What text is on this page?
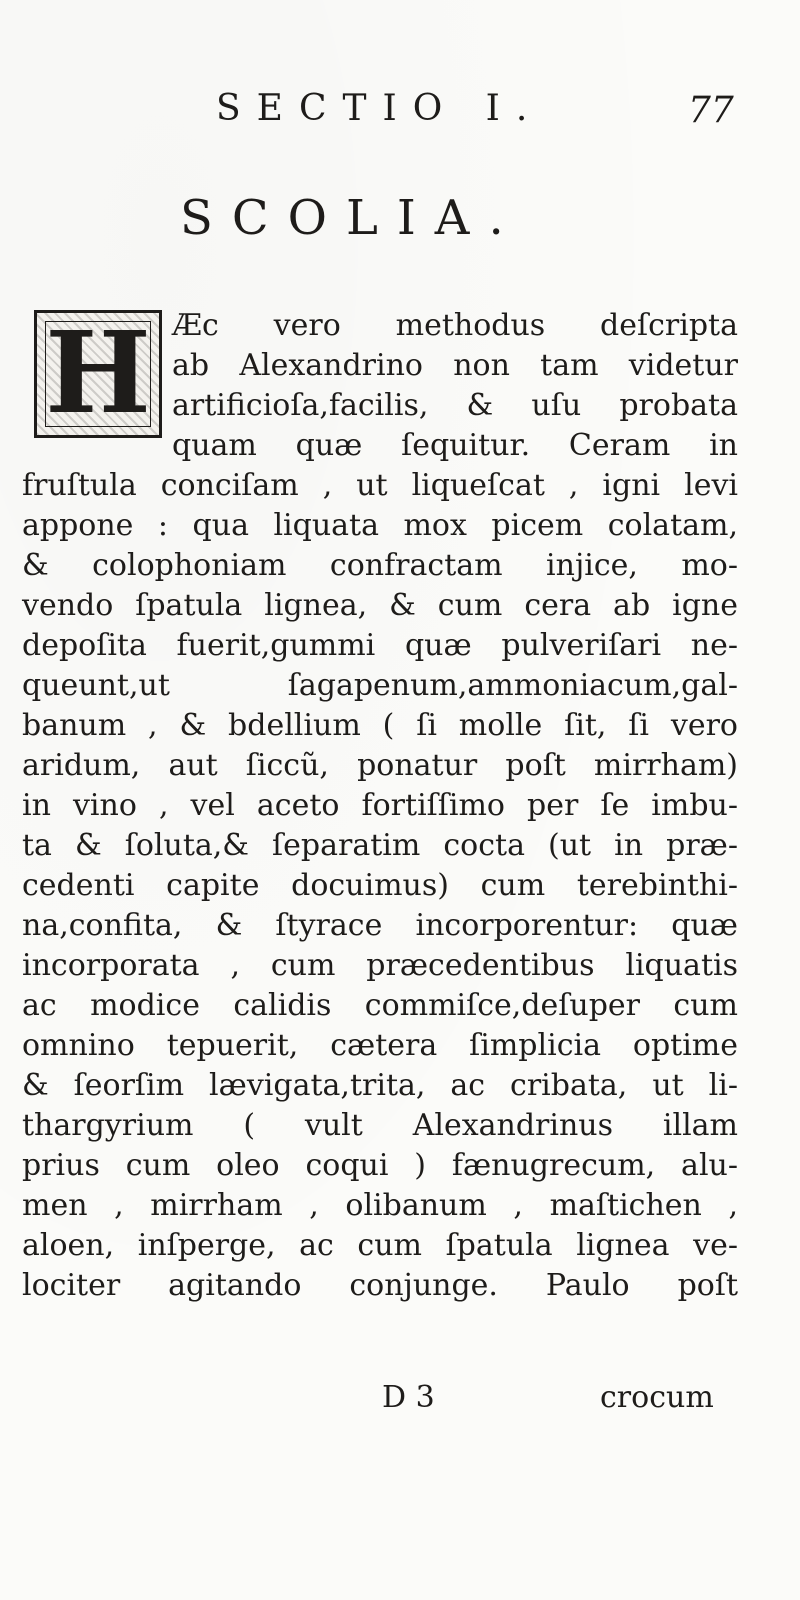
SECTIO I.	77
SCOLIA.
H Æc vero methodus deſcripta
ab Alexandrino non tam videtur
artificioſa,facilis, & uſu probata
quam quæ ſequitur. Ceram in
fruſtula conciſam , ut liqueſcat , igni levi
appone : qua liquata mox picem colatam,
& colophoniam confractam injice, mo-
vendo ſpatula lignea, & cum cera ab igne
depoſita fuerit,gummi quæ pulveriſari ne-
queunt,ut ſagapenum,ammoniacum,gal-
banum , & bdellium ( ſi molle ſit, ſi vero
aridum, aut ſiccũ, ponatur poſt mirrham)
in vino , vel aceto fortiſſimo per ſe imbu-
ta & ſoluta,& ſeparatim cocta (ut in præ-
cedenti capite docuimus) cum terebinthi-
na,confita, & ſtyrace incorporentur: quæ
incorporata , cum præcedentibus liquatis
ac modice calidis commiſce,deſuper cum
omnino tepuerit, cætera ſimplicia optime
& ſeorſim lævigata,trita, ac cribata, ut li-
thargyrium ( vult Alexandrinus illam
prius cum oleo coqui ) fænugrecum, alu-
men , mirrham , olibanum , maſtichen ,
aloen, inſperge, ac cum ſpatula lignea ve-
lociter agitando conjunge. Paulo poſt
D 3	crocum
